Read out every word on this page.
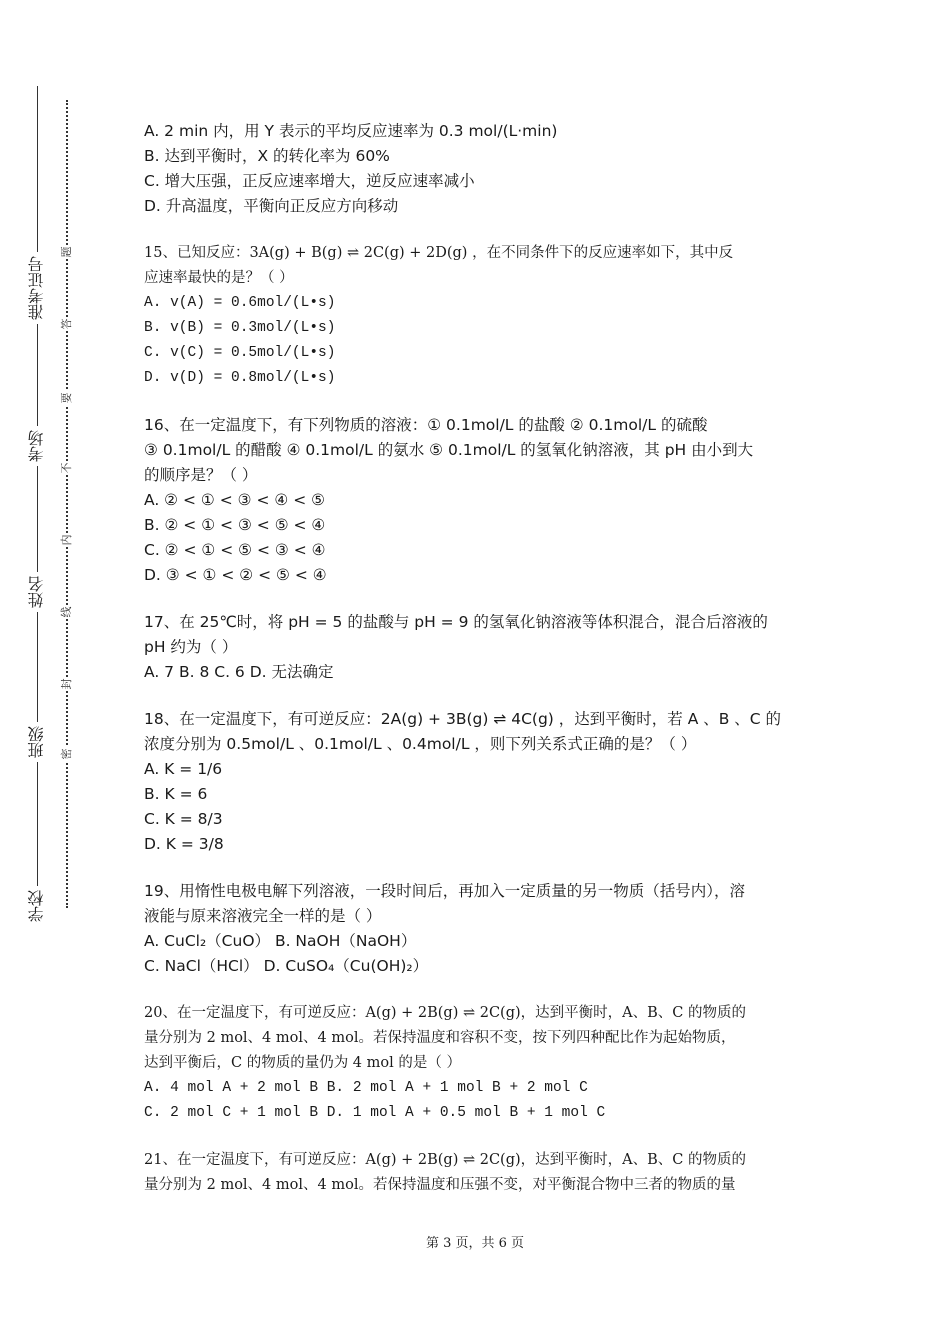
准考证号
考场
姓名
班级
学校
题
答
要
不
内
线
封
密
A. 2 min 内，用 Y 表示的平均反应速率为 0.3 mol/(L·min)
B. 达到平衡时，X 的转化率为 60%
C. 增大压强，正反应速率增大，逆反应速率减小
D. 升高温度，平衡向正反应方向移动
15、已知反应：3A(g) + B(g) ⇌ 2C(g) + 2D(g) ，在不同条件下的反应速率如下，其中反
应速率最快的是？（ ）
A. v(A) = 0.6mol/(L•s)
B. v(B) = 0.3mol/(L•s)
C. v(C) = 0.5mol/(L•s)
D. v(D) = 0.8mol/(L•s)
16、在一定温度下，有下列物质的溶液：① 0.1mol/L 的盐酸 ② 0.1mol/L 的硫酸
③ 0.1mol/L 的醋酸 ④ 0.1mol/L 的氨水 ⑤ 0.1mol/L 的氢氧化钠溶液，其 pH 由小到大
的顺序是？（ ）
A. ② < ① < ③ < ④ < ⑤
B. ② < ① < ③ < ⑤ < ④
C. ② < ① < ⑤ < ③ < ④
D. ③ < ① < ② < ⑤ < ④
17、在 25℃时，将 pH = 5 的盐酸与 pH = 9 的氢氧化钠溶液等体积混合，混合后溶液的
pH 约为（ ）
A. 7 B. 8 C. 6 D. 无法确定
18、在一定温度下，有可逆反应：2A(g) + 3B(g) ⇌ 4C(g) ，达到平衡时，若 A 、B 、C 的
浓度分别为 0.5mol/L 、0.1mol/L 、0.4mol/L ，则下列关系式正确的是？（ ）
A. K = 1/6
B. K = 6
C. K = 8/3
D. K = 3/8
19、用惰性电极电解下列溶液，一段时间后，再加入一定质量的另一物质（括号内），溶
液能与原来溶液完全一样的是（ ）
A. CuCl₂（CuO） B. NaOH（NaOH）
C. NaCl（HCl） D. CuSO₄（Cu(OH)₂）
20、在一定温度下，有可逆反应：A(g) + 2B(g) ⇌ 2C(g)，达到平衡时，A、B、C 的物质的
量分别为 2 mol、4 mol、4 mol。若保持温度和容积不变，按下列四种配比作为起始物质，
达到平衡后，C 的物质的量仍为 4 mol 的是（ ）
A. 4 mol A + 2 mol B B. 2 mol A + 1 mol B + 2 mol C
C. 2 mol C + 1 mol B D. 1 mol A + 0.5 mol B + 1 mol C
21、在一定温度下，有可逆反应：A(g) + 2B(g) ⇌ 2C(g)，达到平衡时，A、B、C 的物质的
量分别为 2 mol、4 mol、4 mol。若保持温度和压强不变，对平衡混合物中三者的物质的量
第 3 页，共 6 页
